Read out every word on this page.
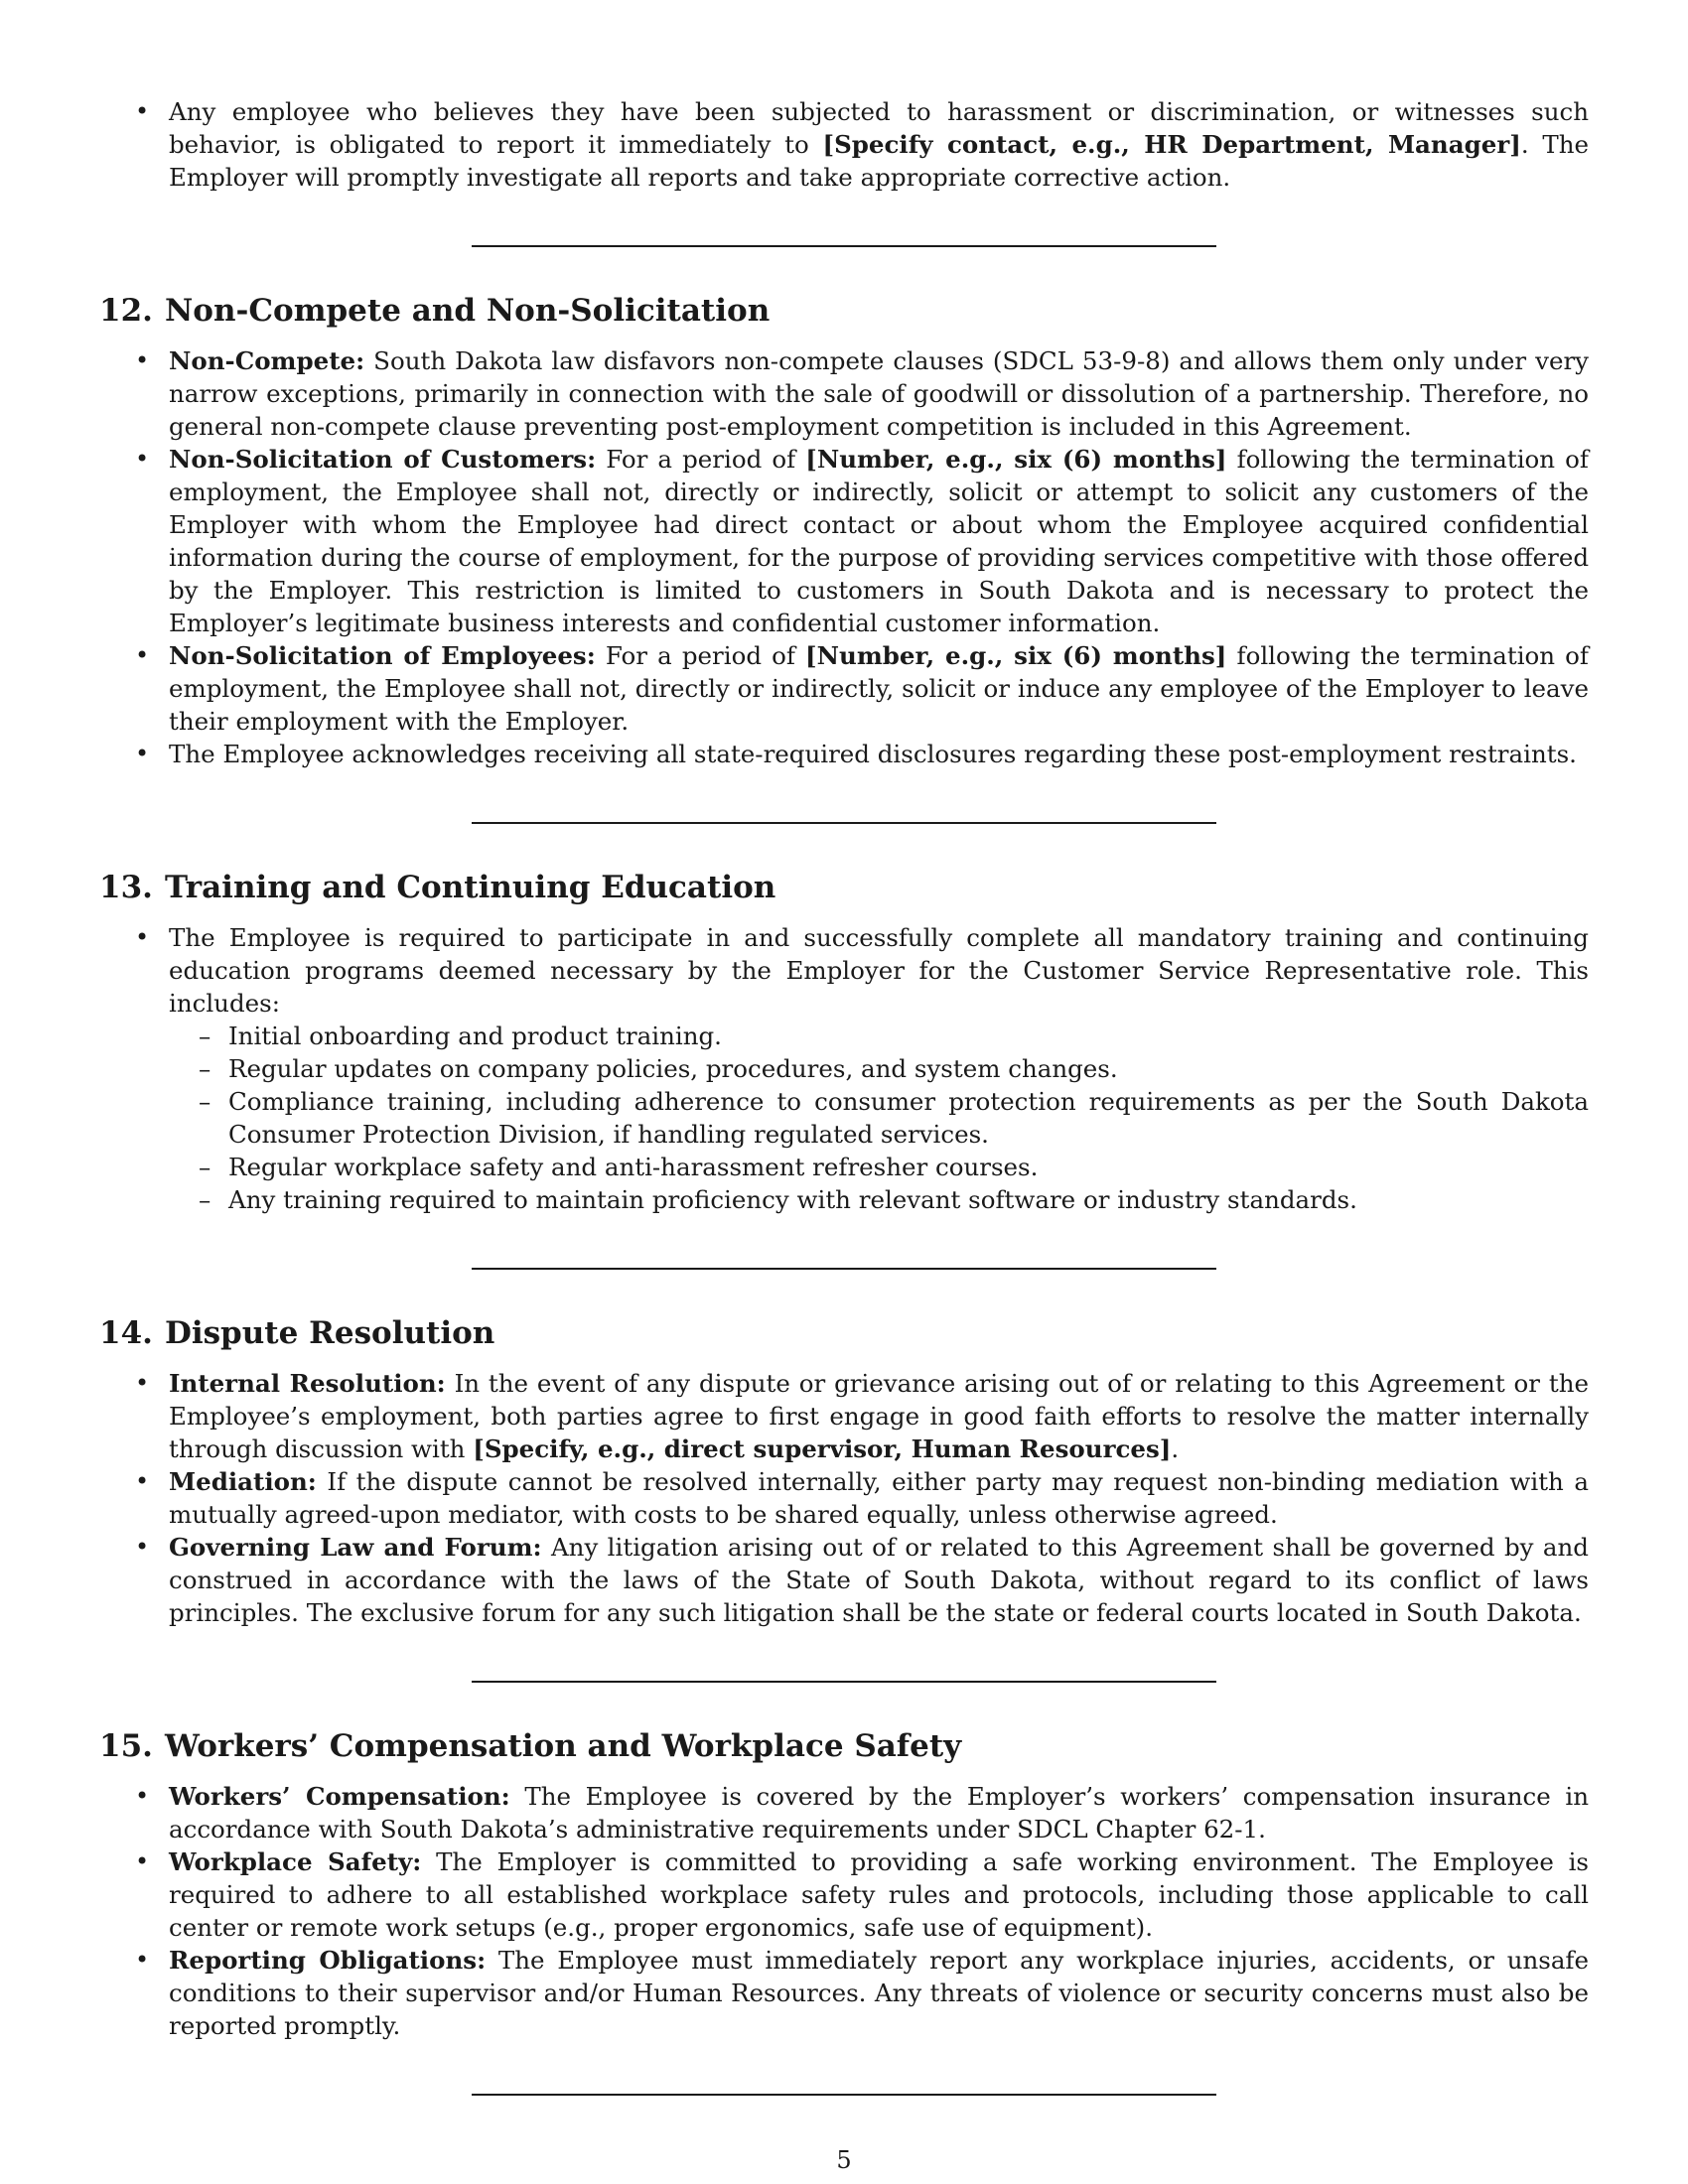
• Any employee who believes they have been subjected to harassment or discrimination, or witnesses such behavior, is obligated to report it immediately to [Specify contact, e.g., HR Department, Manager]. The Employer will promptly investigate all reports and take appropriate corrective action.
12. Non-Compete and Non-Solicitation
• Non-Compete: South Dakota law disfavors non-compete clauses (SDCL 53-9-8) and allows them only under very narrow exceptions, primarily in connection with the sale of goodwill or dissolution of a partnership. Therefore, no general non-compete clause preventing post-employment competition is included in this Agreement.
• Non-Solicitation of Customers: For a period of [Number, e.g., six (6) months] following the termination of employment, the Employee shall not, directly or indirectly, solicit or attempt to solicit any customers of the Employer with whom the Employee had direct contact or about whom the Employee acquired confidential information during the course of employment, for the purpose of providing services competitive with those offered by the Employer. This restriction is limited to customers in South Dakota and is necessary to protect the Employer’s legitimate business interests and confidential customer information.
• Non-Solicitation of Employees: For a period of [Number, e.g., six (6) months] following the termination of employment, the Employee shall not, directly or indirectly, solicit or induce any employee of the Employer to leave their employment with the Employer.
• The Employee acknowledges receiving all state-required disclosures regarding these post-employment restraints.
13. Training and Continuing Education
• The Employee is required to participate in and successfully complete all mandatory training and continuing education programs deemed necessary by the Employer for the Customer Service Representative role. This includes:
– Initial onboarding and product training.
– Regular updates on company policies, procedures, and system changes.
– Compliance training, including adherence to consumer protection requirements as per the South Dakota Consumer Protection Division, if handling regulated services.
– Regular workplace safety and anti-harassment refresher courses.
– Any training required to maintain proficiency with relevant software or industry standards.
14. Dispute Resolution
• Internal Resolution: In the event of any dispute or grievance arising out of or relating to this Agreement or the Employee’s employment, both parties agree to first engage in good faith efforts to resolve the matter internally through discussion with [Specify, e.g., direct supervisor, Human Resources].
• Mediation: If the dispute cannot be resolved internally, either party may request non-binding mediation with a mutually agreed-upon mediator, with costs to be shared equally, unless otherwise agreed.
• Governing Law and Forum: Any litigation arising out of or related to this Agreement shall be governed by and construed in accordance with the laws of the State of South Dakota, without regard to its conflict of laws principles. The exclusive forum for any such litigation shall be the state or federal courts located in South Dakota.
15. Workers’ Compensation and Workplace Safety
• Workers’ Compensation: The Employee is covered by the Employer’s workers’ compensation insurance in accordance with South Dakota’s administrative requirements under SDCL Chapter 62-1.
• Workplace Safety: The Employer is committed to providing a safe working environment. The Employee is required to adhere to all established workplace safety rules and protocols, including those applicable to call center or remote work setups (e.g., proper ergonomics, safe use of equipment).
• Reporting Obligations: The Employee must immediately report any workplace injuries, accidents, or unsafe conditions to their supervisor and/or Human Resources. Any threats of violence or security concerns must also be reported promptly.
5
